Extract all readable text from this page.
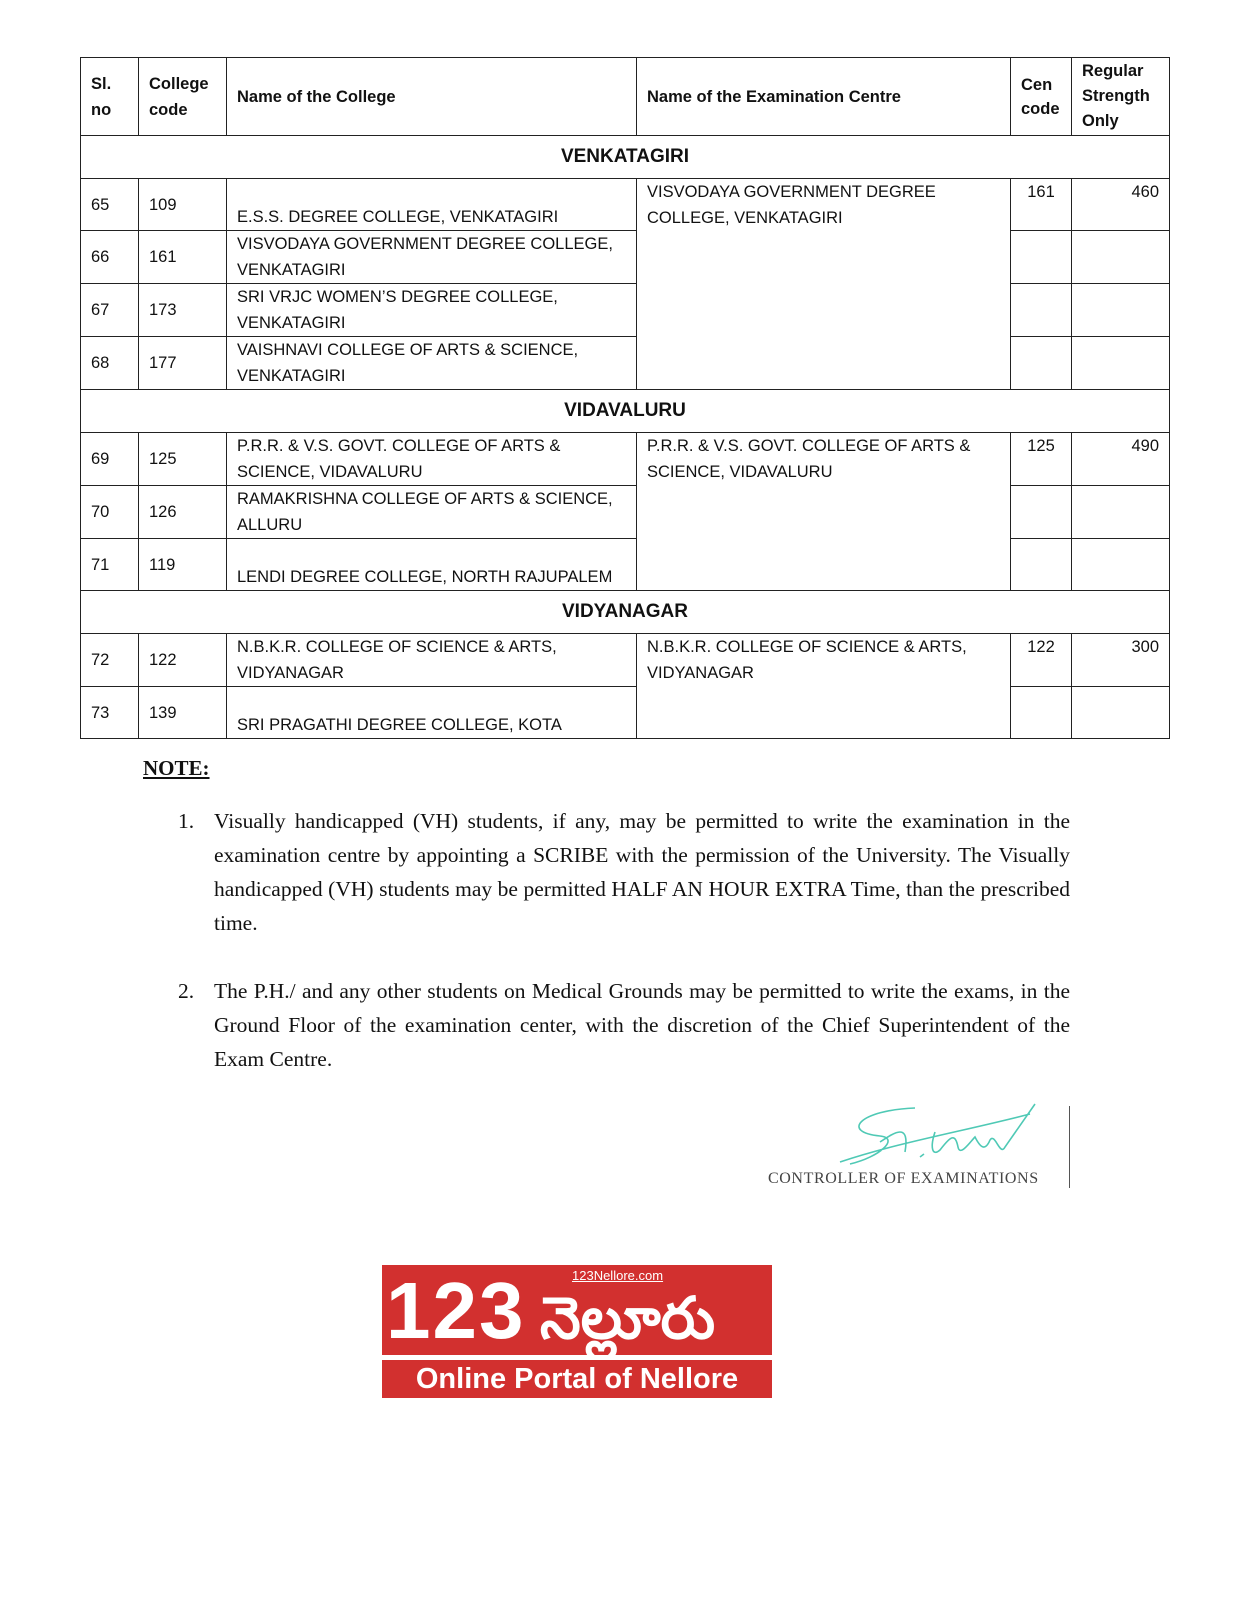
Sl. no	College code	Name of the College	Name of the Examination Centre	Cen code	Regular Strength Only
VENKATAGIRI					
65	109	E.S.S. DEGREE COLLEGE, VENKATAGIRI	VISVODAYA GOVERNMENT DEGREE COLLEGE, VENKATAGIRI	161	460
66	161	VISVODAYA GOVERNMENT DEGREE COLLEGE, VENKATAGIRI			
67	173	SRI VRJC WOMEN’S DEGREE COLLEGE, VENKATAGIRI			
68	177	VAISHNAVI COLLEGE OF ARTS & SCIENCE, VENKATAGIRI			
VIDAVALURU					
69	125	P.R.R. & V.S. GOVT. COLLEGE OF ARTS & SCIENCE, VIDAVALURU	P.R.R. & V.S. GOVT. COLLEGE OF ARTS & SCIENCE, VIDAVALURU	125	490
70	126	RAMAKRISHNA COLLEGE OF ARTS & SCIENCE, ALLURU			
71	119	LENDI DEGREE COLLEGE, NORTH RAJUPALEM			
VIDYANAGAR					
72	122	N.B.K.R. COLLEGE OF SCIENCE & ARTS, VIDYANAGAR	N.B.K.R. COLLEGE OF SCIENCE & ARTS, VIDYANAGAR	122	300
73	139	SRI PRAGATHI DEGREE COLLEGE, KOTA			
NOTE:
1. Visually handicapped (VH) students, if any, may be permitted to write the examination in the examination centre by appointing a SCRIBE with the permission of the University. The Visually handicapped (VH) students may be permitted HALF AN HOUR EXTRA Time, than the prescribed time.
2. The P.H./ and any other students on Medical Grounds may be permitted to write the exams, in the Ground Floor of the examination center, with the discretion of the Chief Superintendent of the Exam Centre.
CONTROLLER OF EXAMINATIONS
123	123Nellore.com
నెల్లూరు
Online Portal of Nellore
